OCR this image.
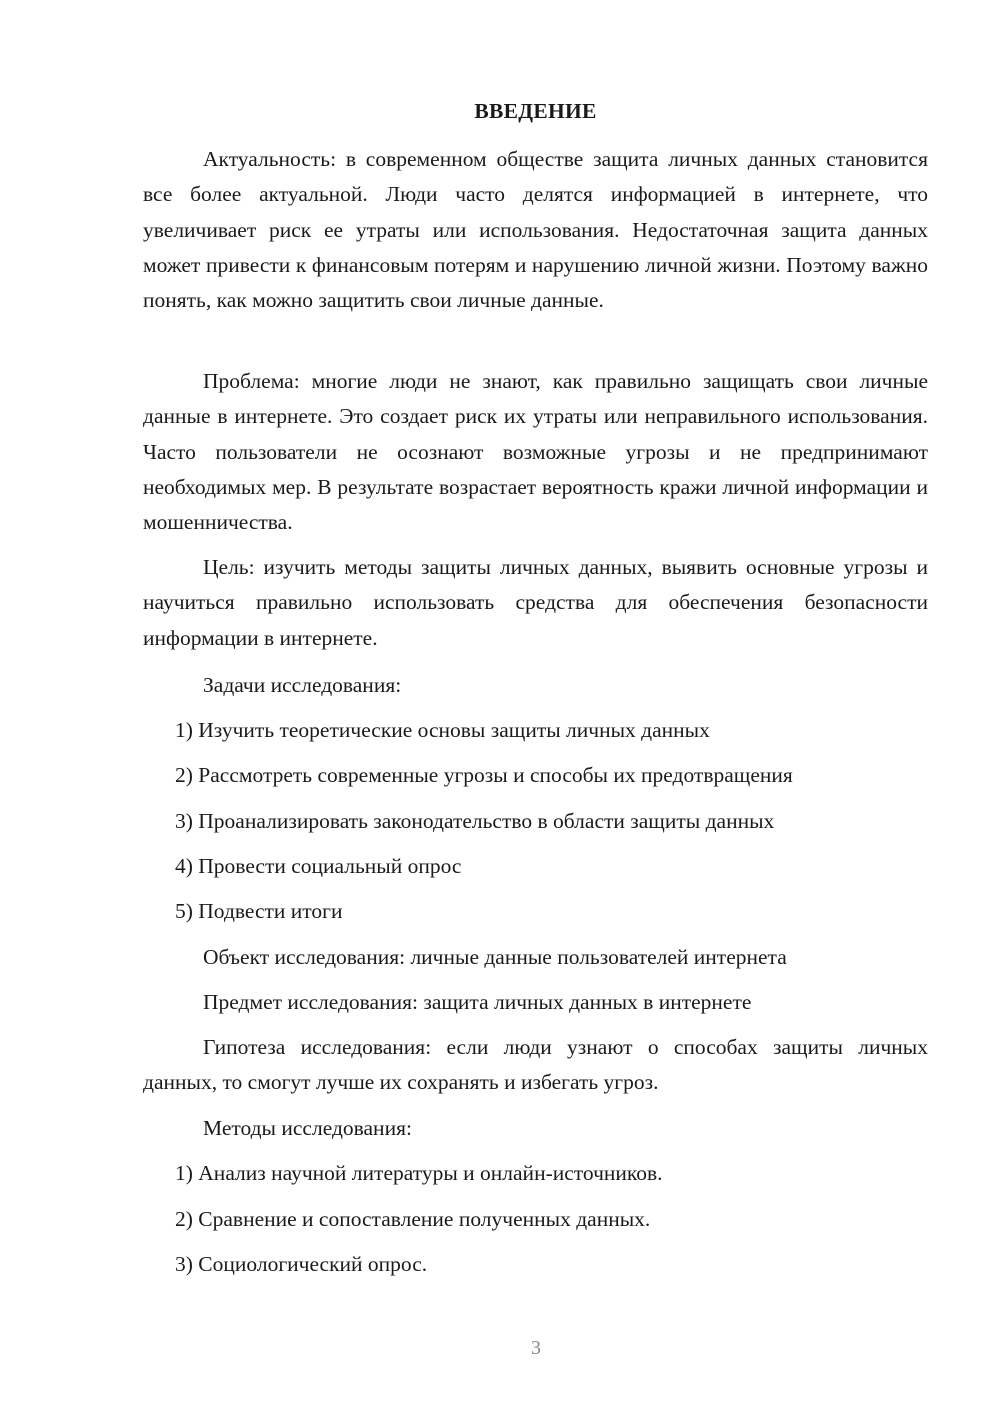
ВВЕДЕНИЕ

Актуальность: в современном обществе защита личных данных становится все более актуальной. Люди часто делятся информацией в интернете, что увеличивает риск ее утраты или использования. Недостаточная защита данных может привести к финансовым потерям и нарушению личной жизни. Поэтому важно понять, как можно защитить свои личные данные.

Проблема: многие люди не знают, как правильно защищать свои личные данные в интернете. Это создает риск их утраты или неправильного использования. Часто пользователи не осознают возможные угрозы и не предпринимают необходимых мер. В результате возрастает вероятность кражи личной информации и мошенничества.

Цель: изучить методы защиты личных данных, выявить основные угрозы и научиться правильно использовать средства для обеспечения безопасности информации в интернете.

Задачи исследования:
1) Изучить теоретические основы защиты личных данных
2) Рассмотреть современные угрозы и способы их предотвращения
3) Проанализировать законодательство в области защиты данных
4) Провести социальный опрос
5) Подвести итоги
Объект исследования: личные данные пользователей интернета
Предмет исследования: защита личных данных в интернете

Гипотеза исследования: если люди узнают о способах защиты личных данных, то смогут лучше их сохранять и избегать угроз.

Методы исследования:
1) Анализ научной литературы и онлайн-источников.
2) Сравнение и сопоставление полученных данных.
3) Социологический опрос.
3
